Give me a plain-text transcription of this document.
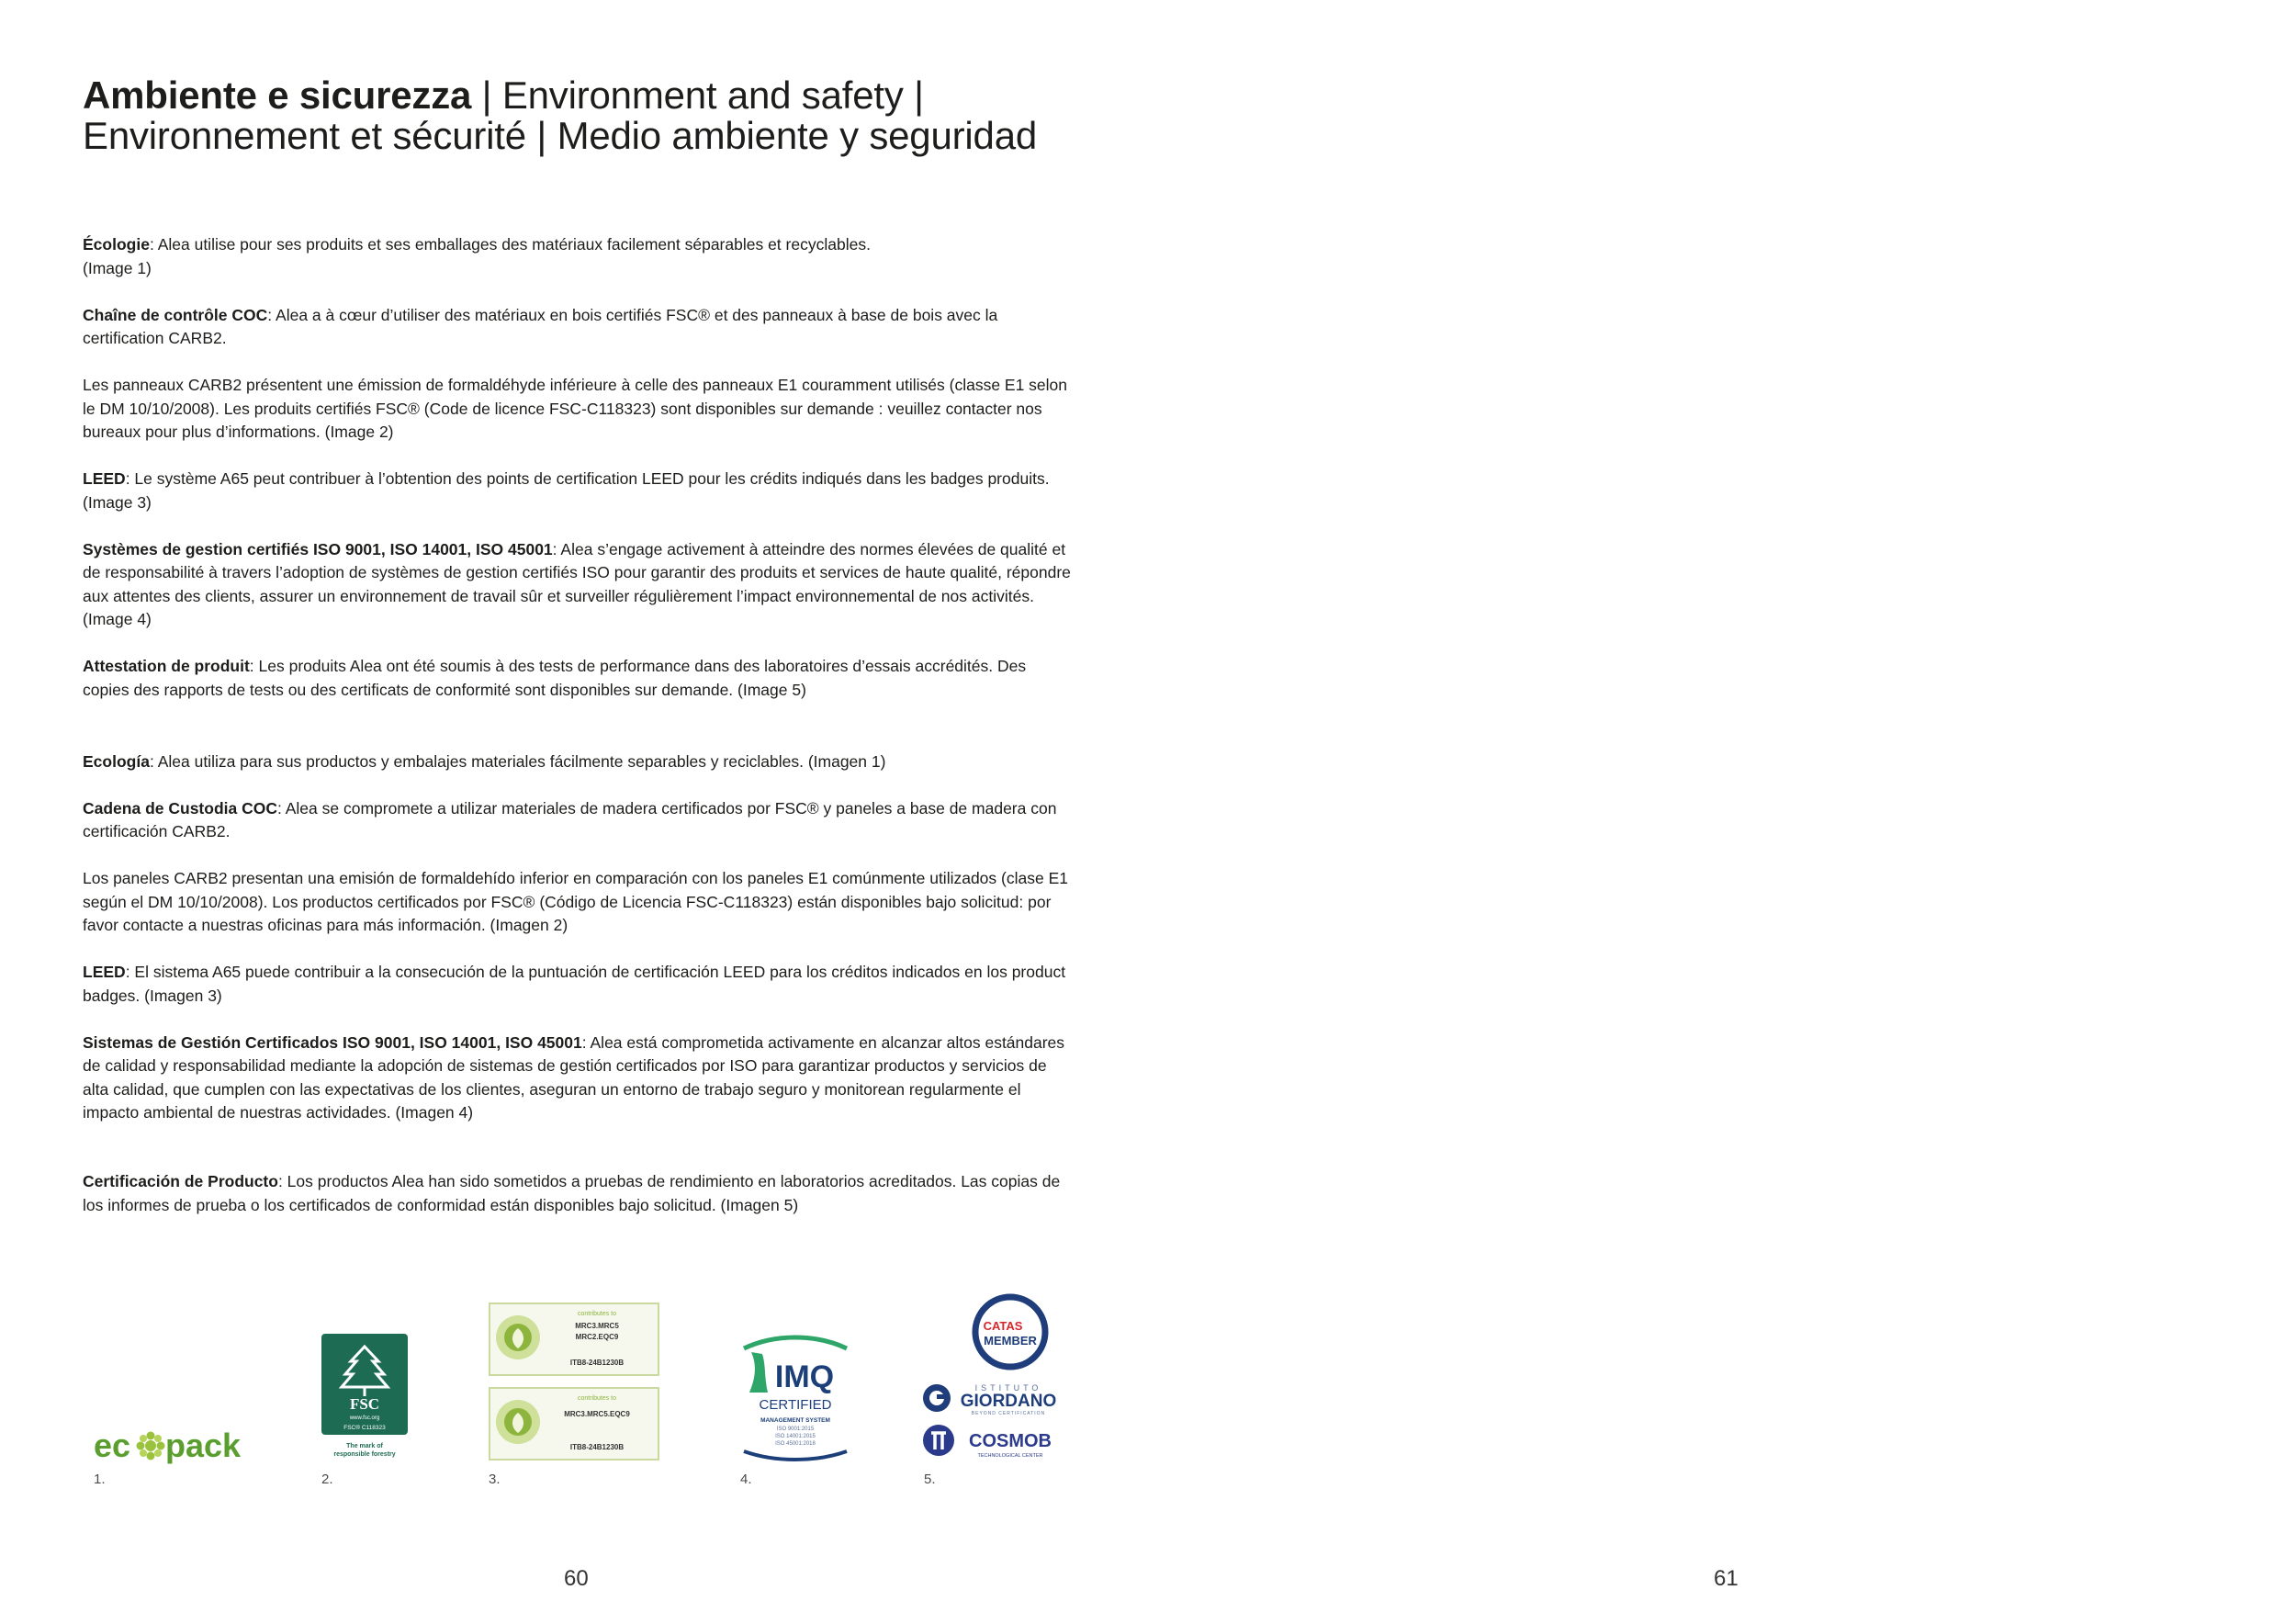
Ambiente e sicurezza | Environment and safety |
Environnement et sécurité | Medio ambiente y seguridad

Écologie: Alea utilise pour ses produits et ses emballages des matériaux facilement séparables et recyclables.
(Image 1)

Chaîne de contrôle COC: Alea a à cœur d’utiliser des matériaux en bois certifiés FSC® et des panneaux à base de bois avec la certification CARB2.

Les panneaux CARB2 présentent une émission de formaldéhyde inférieure à celle des panneaux E1 couramment utilisés (classe E1 selon le DM 10/10/2008). Les produits certifiés FSC® (Code de licence FSC-C118323) sont disponibles sur demande : veuillez contacter nos bureaux pour plus d’informations. (Image 2)

LEED: Le système A65 peut contribuer à l’obtention des points de certification LEED pour les crédits indiqués dans les badges produits. (Image 3)

Systèmes de gestion certifiés ISO 9001, ISO 14001, ISO 45001: Alea s’engage activement à atteindre des normes élevées de qualité et de responsabilité à travers l’adoption de systèmes de gestion certifiés ISO pour garantir des produits et services de haute qualité, répondre aux attentes des clients, assurer un environnement de travail sûr et surveiller régulièrement l’impact environnemental de nos activités. (Image 4)

Attestation de produit: Les produits Alea ont été soumis à des tests de performance dans des laboratoires d’essais accrédités. Des copies des rapports de tests ou des certificats de conformité sont disponibles sur demande. (Image 5)

Ecología: Alea utiliza para sus productos y embalajes materiales fácilmente separables y reciclables. (Imagen 1)

Cadena de Custodia COC: Alea se compromete a utilizar materiales de madera certificados por FSC® y paneles a base de madera con certificación CARB2.

Los paneles CARB2 presentan una emisión de formaldehído inferior en comparación con los paneles E1 comúnmente utilizados (clase E1 según el DM 10/10/2008). Los productos certificados por FSC® (Código de Licencia FSC-C118323) están disponibles bajo solicitud: por favor contacte a nuestras oficinas para más información. (Imagen 2)

LEED: El sistema A65 puede contribuir a la consecución de la puntuación de certificación LEED para los créditos indicados en los product badges. (Imagen 3)

Sistemas de Gestión Certificados ISO 9001, ISO 14001, ISO 45001: Alea está comprometida activamente en alcanzar altos estándares de calidad y responsabilidad mediante la adopción de sistemas de gestión certificados por ISO para garantizar productos y servicios de alta calidad, que cumplen con las expectativas de los clientes, aseguran un entorno de trabajo seguro y monitorean regularmente el impacto ambiental de nuestras actividades. (Imagen 4)

Certificación de Producto: Los productos Alea han sido sometidos a pruebas de rendimiento en laboratorios acreditados. Las copias de los informes de prueba o los certificados de conformidad están disponibles bajo solicitud. (Imagen 5)

ec pack
1.
FSC
www.fsc.org
FSC® C118323
The mark of
responsible forestry
2.
contributes to
MRC3.MRC5
MRC2.EQC9
ITB8-24B1230B
contributes to
MRC3.MRC5.EQC9
ITB8-24B1230B
3.
IMQ
CERTIFIED
MANAGEMENT SYSTEM
ISO 9001:2015
ISO 14001:2015
ISO 45001:2018
4.
CATAS
MEMBER
ISTITUTO
GIORDANO
BEYOND CERTIFICATION
COSMOB
TECHNOLOGICAL CENTER
5.
60	61
